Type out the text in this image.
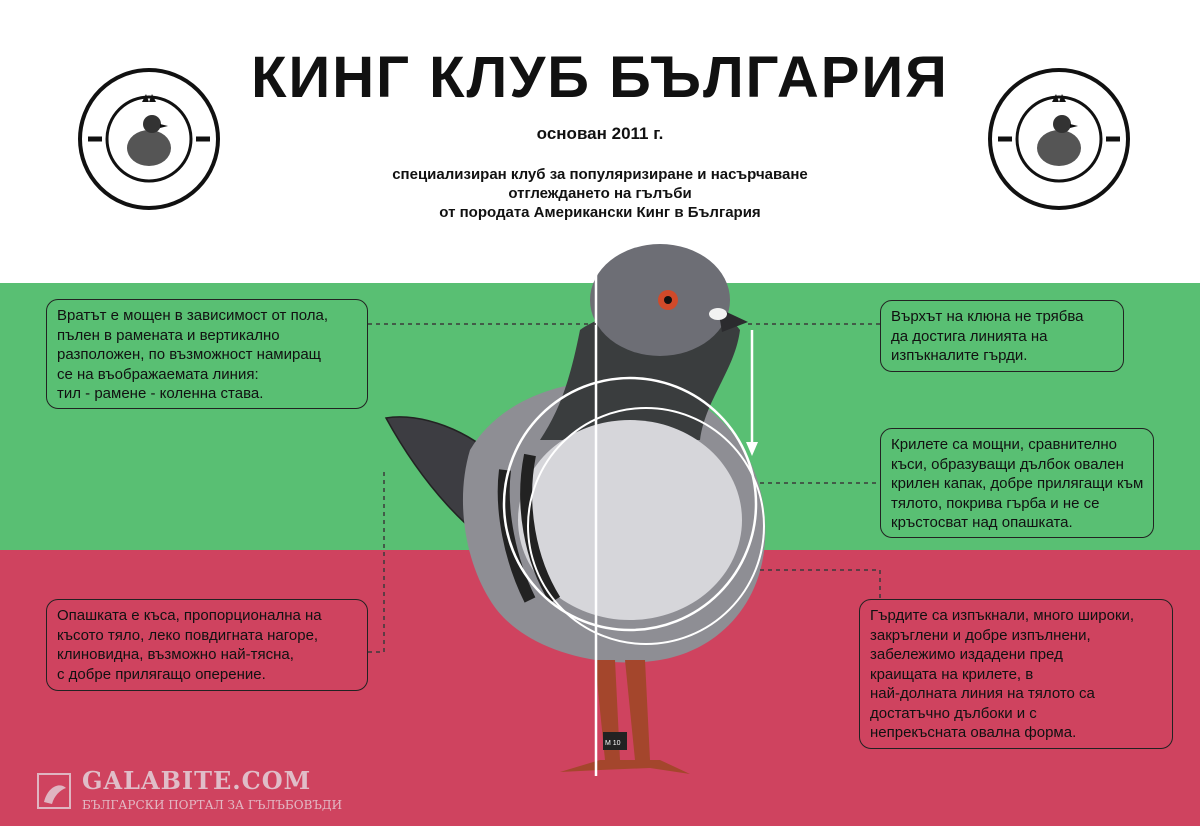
M 10
КИНГ КЛУБ БЪЛГАРИЯ
основан 2011 г.
специализиран клуб за популяризиране и насърчаване
отглеждането на гълъби
от породата Американски Кинг в България
Вратът е мощен в зависимост от пола,
пълен в рамената и вертикално
разположен, по възможност намиращ
се на въображаемата линия:
тил - рамене - коленна става.
Върхът на клюна не трябва
да достига линията на
изпъкналите гърди.
Крилете са мощни, сравнително
къси, образуващи дълбок овален
крилен капак, добре прилягащи към
тялото, покрива гърба и не се
кръстосват над опашката.
Опашката е къса, пропорционална на
късото тяло, леко повдигната нагоре,
клиновидна, възможно най-тясна,
с добре прилягащо оперение.
Гърдите са изпъкнали, много широки,
закръглени и добре изпълнени,
забележимо издадени пред
краищата на крилете, в
най-долната линия на тялото са
достатъчно дълбоки и с
непрекъсната овална форма.
GALABITE.COM
БЪЛГАРСКИ ПОРТАЛ ЗА ГЪЛЪБОВЪДИ
